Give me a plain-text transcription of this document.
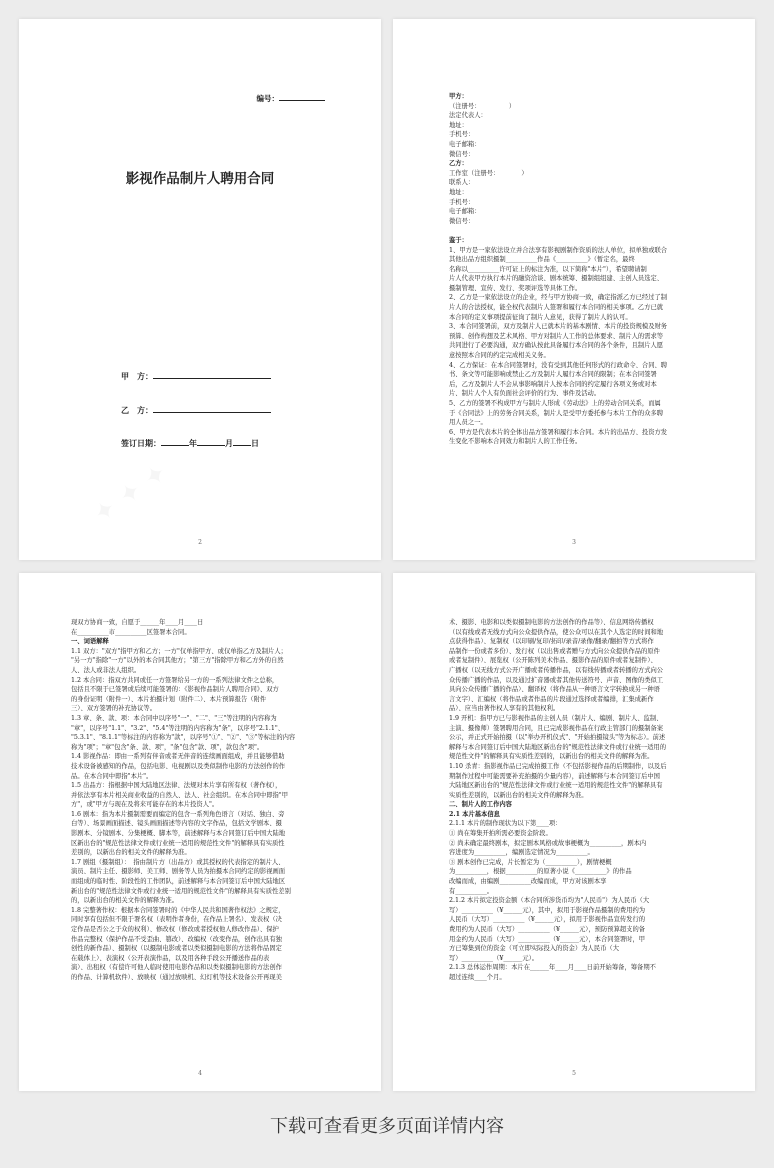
编号：
影视作品制片人聘用合同
甲　方：
乙　方：
签订日期：	年	月 日
2
甲方：
（注册号：　　　　　）
法定代表人：
地址：
手机号：
电子邮箱：
微信号：
乙方：
工作室（注册号：　　　　）
联系人：
地址：
手机号：
电子邮箱：
微信号：
鉴于：
1、甲方是一家依法设立并合法享有影视剧制作资质的法人单位，拟单独或联合
其他出品方组织摄制__________作品《__________》（暂定名，最终
名称以__________许可证上的标注为准，以下简称"本片"），希望聘请制
片人代表甲方执行本片的融资洽谈、剧本统筹、摄制组组建、主创人员选定、
摄制管理、宣传、发行、奖项评选等具体工作。
2、乙方是一家依法设立的企业，经与甲方协商一致，确定指派乙方已经过了制
片人的合法授权，能全权代表制片人签署和履行本合同的相关事项。乙方已就
本合同的定义事项提前征询了制片人意见，获得了制片人的认可。
3、本合同签署前，双方及制片人已就本片的基本剧情、本片的投资规模及财务
预算、创作构想及艺术风格、甲方对制片人工作的总体要求、制片人的需求等
共同进行了必要沟通，双方确认按此具备履行本合同的各个条件，且制片人愿
意按照本合同的约定完成相关义务。
4、乙方保证：在本合同签署时，没有受到其他任何形式的行政命令、合同、聘
书、条文等可能影响或禁止乙方及制片人履行本合同的限制；在本合同签署
后，乙方及制片人不会从事影响制片人按本合同的约定履行各项义务或对本
片、制片人个人有负面社会评价的行为、事件及活动。
5、乙方的签署不构成甲方与制片人形成《劳动法》上的劳动合同关系，而属
于《合同法》上的劳务合同关系，制片人是受甲方委托参与本片工作的众多聘
用人员之一。
6、甲方是代表本片的全体出品方签署和履行本合同。本片的出品方、投资方发
生变化不影响本合同效力和制片人的工作任务。
3
现双方协商一致，自愿于______年____月____日
在__________市__________区签署本合同。
一、词语解释
1.1 双方："双方"指甲方和乙方；一方"仅单指甲方、或仅单指乙方及制片人；
"另一方"指除"一方"以外的本合同其他方；"第三方"指除甲方和乙方外的自然
人、法人或非法人组织。
1.2 本合同：指双方共同或任一方签署给另一方的一系列法律文件之总称，
包括且不限于已签署或后续可能签署的：《影视作品制片人聘用合同》、双方
的身份证明（附件一）、本片拍摄计划（附件二）、本片预算报告（附件
三）、双方签署的补充协议等。
1.3 章、条、款、项：本合同中以序号"一"、"二"、"三"等注明的内容称为
"章"，以序号"1.1"、"3.2"、"5.4"等注明的内容称为"条"，以序号"2.1.1"、
"5.3.1"、"8.1.1"等标注的内容称为"款"，以序号"①"、"②"、"③"等标注的内容
称为"项"；"章"包含"条、款、项"，"条"包含"款、项"，款包含"项"。
1.4 影视作品：即由一系列有伴音或者无伴音的连续画面组成，并且能够借助
技术设备被感知的作品，包括电影、电视剧以及类似制作电影的方法创作的作
品。在本合同中即指"本片"。
1.5 出品方：指根据中国大陆地区法律、法规对本片享有所有权（著作权），
并依法享有本片相关商业收益的自然人、法人、社会组织。在本合同中即指"甲
方"，或"甲方与现在及将来可能存在的本片投资人"。
1.6 剧本：指为本片摄制需要而编定的包含一系列角色语言（对话、独白、旁
白等）、场景画面描述、镜头画面描述等内容的文字作品，包括文学剧本、摄
影剧本、分镜剧本、分集梗概、脚本等，前述解释与本合同签订后中国大陆地
区新出台的"规范性法律文件或行业统一适用的规范性文件"的解释具有实质性
差别的，以新出台的相关文件的解释为准。
1.7 剧组（摄制组）：　指由制片方（出品方）或其授权的代表指定的制片人、
演员、制片主任、摄影师、美工师、剧务等人员为拍摄本合同约定的影视画面
而组成的临时性、阶段性的工作团队，前述解释与本合同签订后中国大陆地区
新出台的"规范性法律文件或行业统一适用的规范性文件"的解释具有实质性差别
的，以新出台的相关文件的解释为准。
1.8 完整著作权：根据本合同签署时的《中华人民共和国著作权法》之规定，
同时享有包括但不限于署名权（表明作者身份，在作品上署名）、发表权（决
定作品是否公之于众的权利）、修改权（修改或者授权他人修改作品）、保护
作品完整权（保护作品不受歪曲、篡改）、改编权（改变作品，创作出具有独
创性的新作品）、摄制权（以摄制电影或者以类似摄制电影的方法将作品固定
在载体上）、表演权（公开表演作品，以及用各种手段公开播送作品的表
演）、出租权（有偿许可他人临时使用电影作品和以类似摄制电影的方法创作
的作品、计算机软件）、放映权（通过放映机、幻灯机等技术设备公开再现美
4
术、摄影、电影和以类似摄制电影的方法创作的作品等）、信息网络传播权
（以有线或者无线方式向公众提供作品，使公众可以在其个人选定的时间和地
点获得作品）、复制权（以印刷/复印/拓印/录音/录像/翻录/翻拍等方式将作
品制作一份或者多份）、发行权（以出售或者赠与方式向公众提供作品的原件
或者复制件）、展览权（公开陈列美术作品、摄影作品的原件或者复制件）、
广播权（以无线方式公开广播或者传播作品，以有线传播或者转播的方式向公
众传播广播的作品，以及通过扩音器或者其他传送符号、声音、图像的类似工
具向公众传播广播的作品）、翻译权（将作品从一种语言文字转换成另一种语
言文字）、汇编权（将作品或者作品的片段通过选择或者编排，汇集成新作
品）、应当由著作权人享有的其他权利。
1.9 开机：指甲方已与影视作品的主创人员（制片人、编剧、制片人、监制、
主演、摄像师）签署聘用合同，且已完成影视作品在行政主管部门的摄制备案
公示，并正式开始拍摄（以"举办开机仪式"、"开始拍摄镜头"等为标志）。前述
解释与本合同签订后中国大陆地区新出台的"规范性法律文件或行业统一适用的
规范性文件"的解释具有实质性差别的，以新出台的相关文件的解释为准。
1.10 杀青：指影视作品已完成拍摄工作（不包括影视作品的后期制作，以及后
期制作过程中可能需要补充拍摄的少量内容），前述解释与本合同签订后中国
大陆地区新出台的"规范性法律文件或行业统一适用的规范性文件"的解释具有
实质性差别的，以新出台的相关文件的解释为准。
二、制片人的工作内容
2.1 本片基本信息
2.1.1 本片的制作现状为以下第____项：
① 尚在筹集开拍所需必要资金阶段。
② 尚未确定最终剧本，拟定剧本风格或故事梗概为__________，剧本内
容进度为__________，编剧选定情况为__________。
③ 剧本创作已完成，片长暂定为（__________），剧情梗概
为__________，根据__________的原著小说《__________》的作品
改编而成，由编剧__________改编而成，甲方对该剧本享
有__________。
2.1.2 本片拟定投资金额（本合同所涉货币均为"人民币"）为人民币（大
写）__________（¥______元），其中，拟用于影视作品摄制的费用约为
人民币（大写）__________（¥______元），拟用于影视作品宣传发行的
费用约为人民币（大写）__________（¥______元），预防预算超支的备
用金约为人民币（大写）__________（¥______元），本合同签署时，甲
方已筹集到位的资金（可立即实际投入的资金）为人民币（大
写）__________（¥______元）。
2.1.3 总体运作周期：本片在______年____月____日前开始筹备，筹备期不
超过连续____个月。
5
下载可查看更多页面详情内容
